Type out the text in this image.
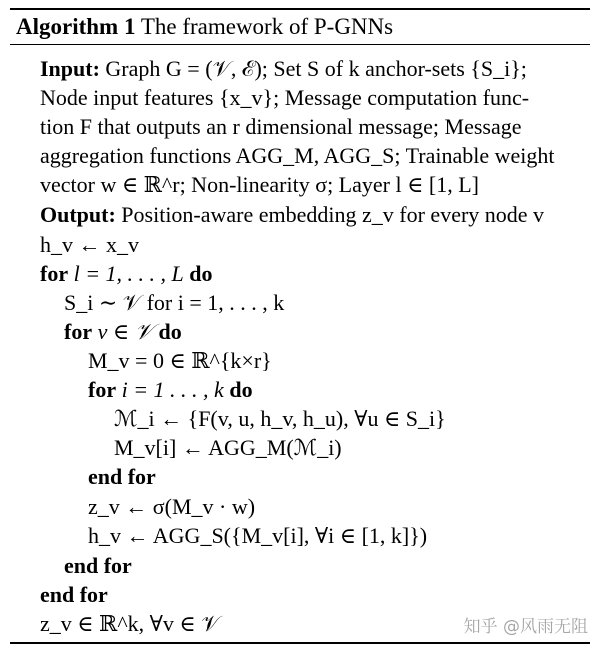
Algorithm 1 The framework of P-GNNs
Input: Graph G = (𝒱, ℰ); Set S of k anchor-sets {S_i};
Node input features {x_v}; Message computation func-
tion F that outputs an r dimensional message; Message
aggregation functions AGG_M, AGG_S; Trainable weight
vector w ∈ ℝ^r; Non-linearity σ; Layer l ∈ [1, L]
Output: Position-aware embedding z_v for every node v
h_v ← x_v
for l = 1, . . . , L do
S_i ∼ 𝒱 for i = 1, . . . , k
for v ∈ 𝒱 do
M_v = 0 ∈ ℝ^{k×r}
for i = 1 . . . , k do
ℳ_i ← {F(v, u, h_v, h_u), ∀u ∈ S_i}
M_v[i] ← AGG_M(ℳ_i)
end for
z_v ← σ(M_v · w)
h_v ← AGG_S({M_v[i], ∀i ∈ [1, k]})
end for
end for
z_v ∈ ℝ^k, ∀v ∈ 𝒱	知乎 @风雨无阻
